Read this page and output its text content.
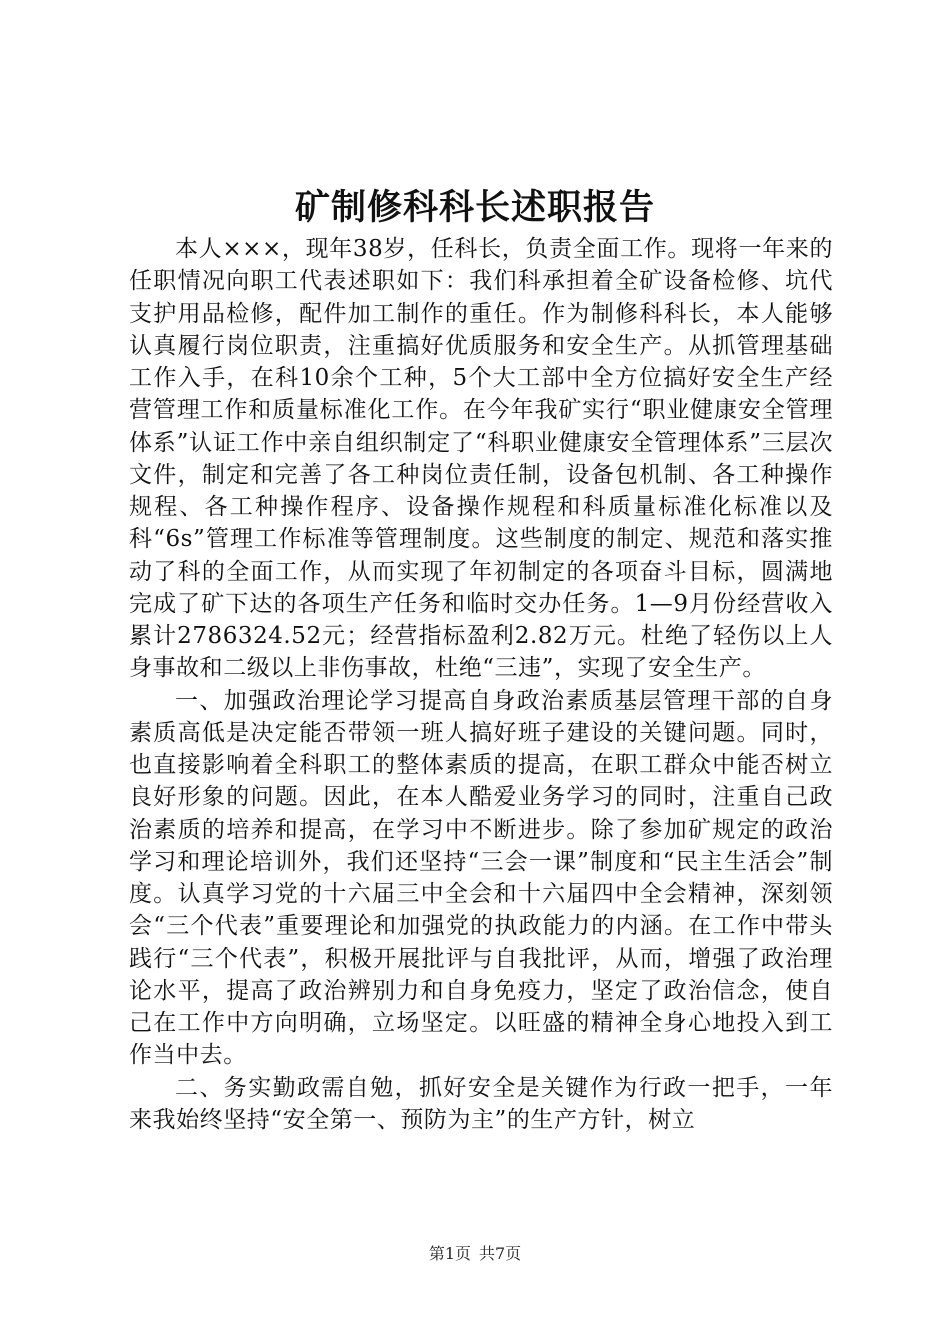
矿制修科科长述职报告

本人×××，现年38岁，任科长，负责全面工作。现将一年来的任职情况向职工代表述职如下：我们科承担着全矿设备检修、坑代支护用品检修，配件加工制作的重任。作为制修科科长，本人能够认真履行岗位职责，注重搞好优质服务和安全生产。从抓管理基础工作入手，在科10余个工种，5个大工部中全方位搞好安全生产经营管理工作和质量标准化工作。在今年我矿实行“职业健康安全管理体系”认证工作中亲自组织制定了“科职业健康安全管理体系”三层次文件，制定和完善了各工种岗位责任制，设备包机制、各工种操作规程、各工种操作程序、设备操作规程和科质量标准化标准以及科“6s”管理工作标准等管理制度。这些制度的制定、规范和落实推动了科的全面工作，从而实现了年初制定的各项奋斗目标，圆满地完成了矿下达的各项生产任务和临时交办任务。1—9月份经营收入累计2786324.52元；经营指标盈利2.82万元。杜绝了轻伤以上人身事故和二级以上非伤事故，杜绝“三违”，实现了安全生产。

一、加强政治理论学习提高自身政治素质基层管理干部的自身素质高低是决定能否带领一班人搞好班子建设的关键问题。同时，也直接影响着全科职工的整体素质的提高，在职工群众中能否树立良好形象的问题。因此，在本人酷爱业务学习的同时，注重自己政治素质的培养和提高，在学习中不断进步。除了参加矿规定的政治学习和理论培训外，我们还坚持“三会一课”制度和“民主生活会”制度。认真学习党的十六届三中全会和十六届四中全会精神，深刻领会“三个代表”重要理论和加强党的执政能力的内涵。在工作中带头践行“三个代表”，积极开展批评与自我批评，从而，增强了政治理论水平，提高了政治辨别力和自身免疫力，坚定了政治信念，使自己在工作中方向明确，立场坚定。以旺盛的精神全身心地投入到工作当中去。

二、务实勤政需自勉，抓好安全是关键作为行政一把手，一年来我始终坚持“安全第一、预防为主”的生产方针，树立

第1页 共7页
